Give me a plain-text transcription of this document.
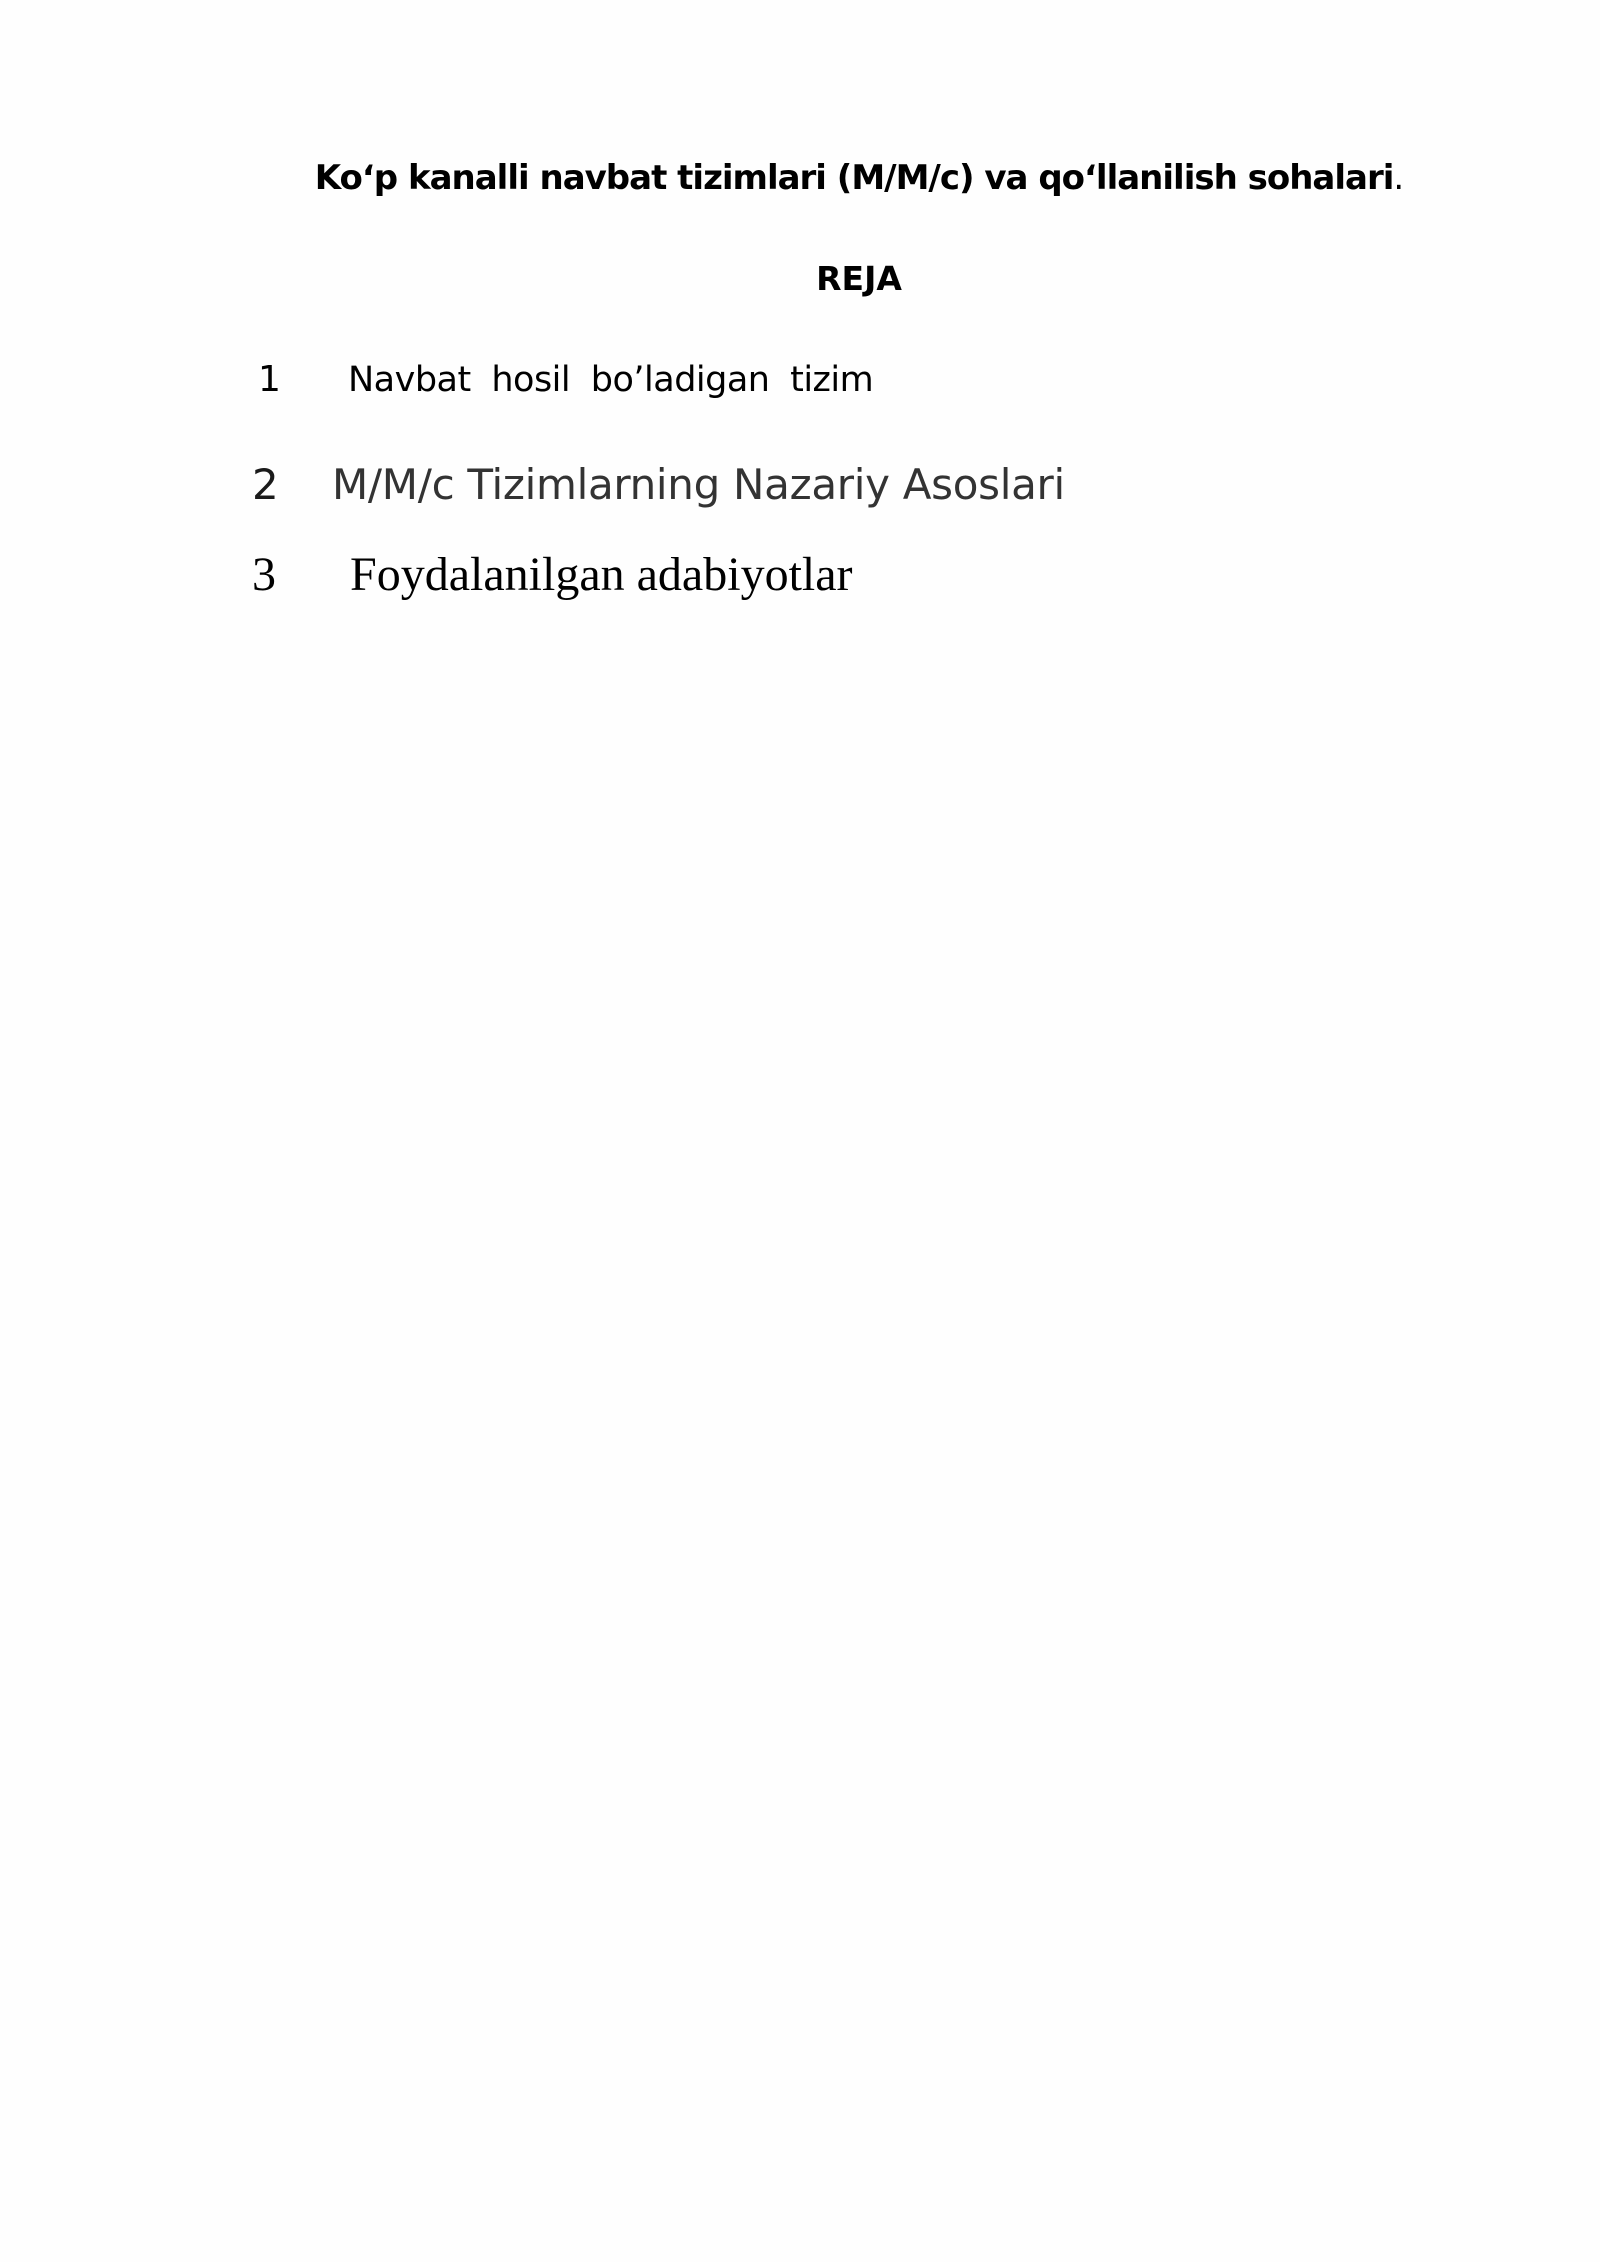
Ko‘p kanalli navbat tizimlari (M/M/c) va qo‘llanilish sohalari.
REJA
1 Navbat hosil bo’ladigan tizim
2 M/M/c Tizimlarning Nazariy Asoslari
3 Foydalanilgan adabiyotlar
